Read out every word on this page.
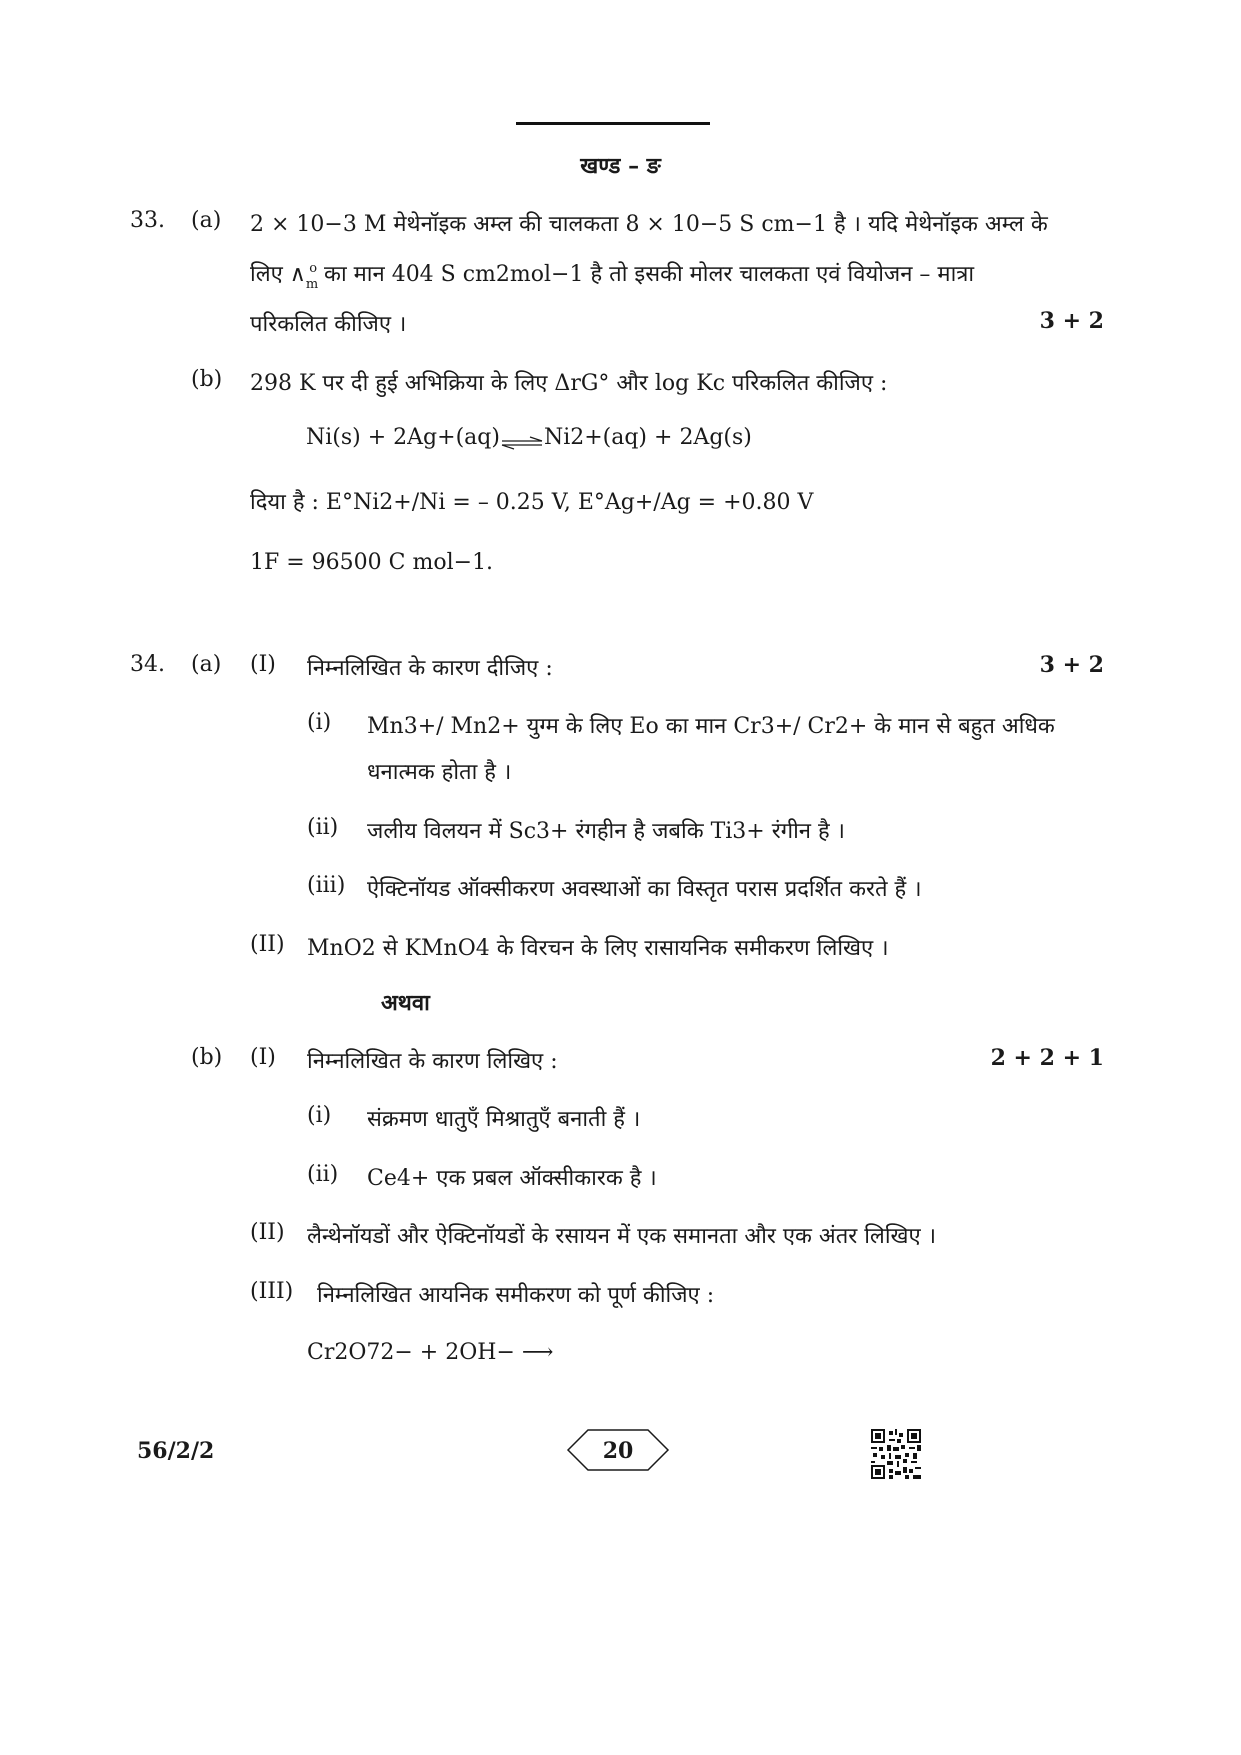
खण्ड – ङ
33. (a) 2 × 10−3 M मेथेनॉइक अम्ल की चालकता 8 × 10−5 S cm−1 है । यदि मेथेनॉइक अम्ल के
लिए $\wedge_m^o$ का मान 404 S cm2mol−1 है तो इसकी मोलर चालकता एवं वियोजन – मात्रा
परिकलित कीजिए ।	3 + 2
(b) 298 K पर दी हुई अभिक्रिया के लिए ΔrG° और log Kc परिकलित कीजिए :
Ni(s) + 2Ag+(aq)⇌Ni2+(aq) + 2Ag(s)
दिया है : E°Ni2+/Ni = – 0.25 V, E°Ag+/Ag = +0.80 V
1F = 96500 C mol−1.
34. (a) (I) निम्नलिखित के कारण दीजिए :	3 + 2
(i) Mn3+/ Mn2+ युग्म के लिए Eo का मान Cr3+/ Cr2+ के मान से बहुत अधिक
धनात्मक होता है ।
(ii) जलीय विलयन में Sc3+ रंगहीन है जबकि Ti3+ रंगीन है ।
(iii) ऐक्टिनॉयड ऑक्सीकरण अवस्थाओं का विस्तृत परास प्रदर्शित करते हैं ।
(II) MnO2 से KMnO4 के विरचन के लिए रासायनिक समीकरण लिखिए ।
अथवा
(b) (I) निम्नलिखित के कारण लिखिए :	2 + 2 + 1
(i) संक्रमण धातुएँ मिश्रातुएँ बनाती हैं ।
(ii) Ce4+ एक प्रबल ऑक्सीकारक है ।
(II) लैन्थेनॉयडों और ऐक्टिनॉयडों के रसायन में एक समानता और एक अंतर लिखिए ।
(III) निम्नलिखित आयनिक समीकरण को पूर्ण कीजिए :
Cr2O72− + 2OH− ⟶
56/2/2	20
